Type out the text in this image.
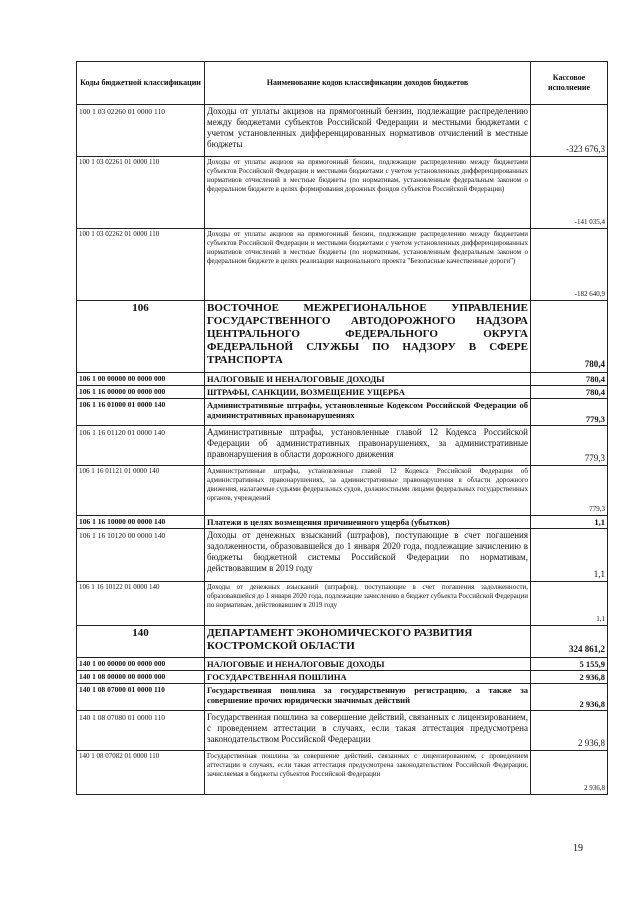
Коды бюджетной классификации	Наименование кодов классификации доходов бюджетов	Кассовое исполнение
100 1 03 02260 01 0000 110	Доходы от уплаты акцизов на прямогонный бензин, подлежащие распределению между бюджетами субъектов Российской Федерации и местными бюджетами с учетом установленных дифференцированных нормативов отчислений в местные бюджеты	-323 676,3
100 1 03 02261 01 0000 110	Доходы от уплаты акцизов на прямогонный бензин, подлежащие распределению между бюджетами субъектов Российской Федерации и местными бюджетами с учетом установленных дифференцированных нормативов отчислений в местные бюджеты (по нормативам, установленным федеральным законом о федеральном бюджете в целях формирования дорожных фондов субъектов Российской Федерации)	-141 035,4
100 1 03 02262 01 0000 110	Доходы от уплаты акцизов на прямогонный бензин, подлежащие распределению между бюджетами субъектов Российской Федерации и местными бюджетами с учетом установленных дифференцированных нормативов отчислений в местные бюджеты (по нормативам, установленным федеральным законом о федеральном бюджете в целях реализации национального проекта "Безопасные качественные дороги")	-182 640,9
106	ВОСТОЧНОЕ МЕЖРЕГИОНАЛЬНОЕ УПРАВЛЕНИЕ ГОСУДАРСТВЕННОГО АВТОДОРОЖНОГО НАДЗОРА ЦЕНТРАЛЬНОГО ФЕДЕРАЛЬНОГО ОКРУГА ФЕДЕРАЛЬНОЙ СЛУЖБЫ ПО НАДЗОРУ В СФЕРЕ ТРАНСПОРТА	780,4
106 1 00 00000 00 0000 000	НАЛОГОВЫЕ И НЕНАЛОГОВЫЕ ДОХОДЫ	780,4
106 1 16 00000 00 0000 000	ШТРАФЫ, САНКЦИИ, ВОЗМЕЩЕНИЕ УЩЕРБА	780,4
106 1 16 01000 01 0000 140	Административные штрафы, установленные Кодексом Российской Федерации об административных правонарушениях	779,3
106 1 16 01120 01 0000 140	Административные штрафы, установленные главой 12 Кодекса Российской Федерации об административных правонарушениях, за административные правонарушения в области дорожного движения	779,3
106 1 16 01121 01 0000 140	Административные штрафы, установленные главой 12 Кодекса Российской Федерации об административных правонарушениях, за административные правонарушения в области дорожного движения, налагаемые судьями федеральных судов, должностными лицами федеральных государственных органов, учреждений	779,3
106 1 16 10000 00 0000 140	Платежи в целях возмещения причиненного ущерба (убытков)	1,1
106 1 16 10120 00 0000 140	Доходы от денежных взысканий (штрафов), поступающие в счет погашения задолженности, образовавшейся до 1 января 2020 года, подлежащие зачислению в бюджеты бюджетной системы Российской Федерации по нормативам, действовавшим в 2019 году	1,1
106 1 16 10122 01 0000 140	Доходы от денежных взысканий (штрафов), поступающие в счет погашения задолженности, образовавшейся до 1 января 2020 года, подлежащие зачислению в бюджет субъекта Российской Федерации по нормативам, действовавшим в 2019 году	1,1
140	ДЕПАРТАМЕНТ ЭКОНОМИЧЕСКОГО РАЗВИТИЯ КОСТРОМСКОЙ ОБЛАСТИ	324 861,2
140 1 00 00000 00 0000 000	НАЛОГОВЫЕ И НЕНАЛОГОВЫЕ ДОХОДЫ	5 155,9
140 1 08 00000 00 0000 000	ГОСУДАРСТВЕННАЯ ПОШЛИНА	2 936,8
140 1 08 07000 01 0000 110	Государственная пошлина за государственную регистрацию, а также за совершение прочих юридически значимых действий	2 936,8
140 1 08 07080 01 0000 110	Государственная пошлина за совершение действий, связанных с лицензированием, с проведением аттестации в случаях, если такая аттестация предусмотрена законодательством Российской Федерации	2 936,8
140 1 08 07082 01 0000 110	Государственная пошлина за совершение действий, связанных с лицензированием, с проведением аттестации в случаях, если такая аттестация предусмотрена законодательством Российской Федерации, зачисляемая в бюджеты субъектов Российской Федерации	2 936,8
19
